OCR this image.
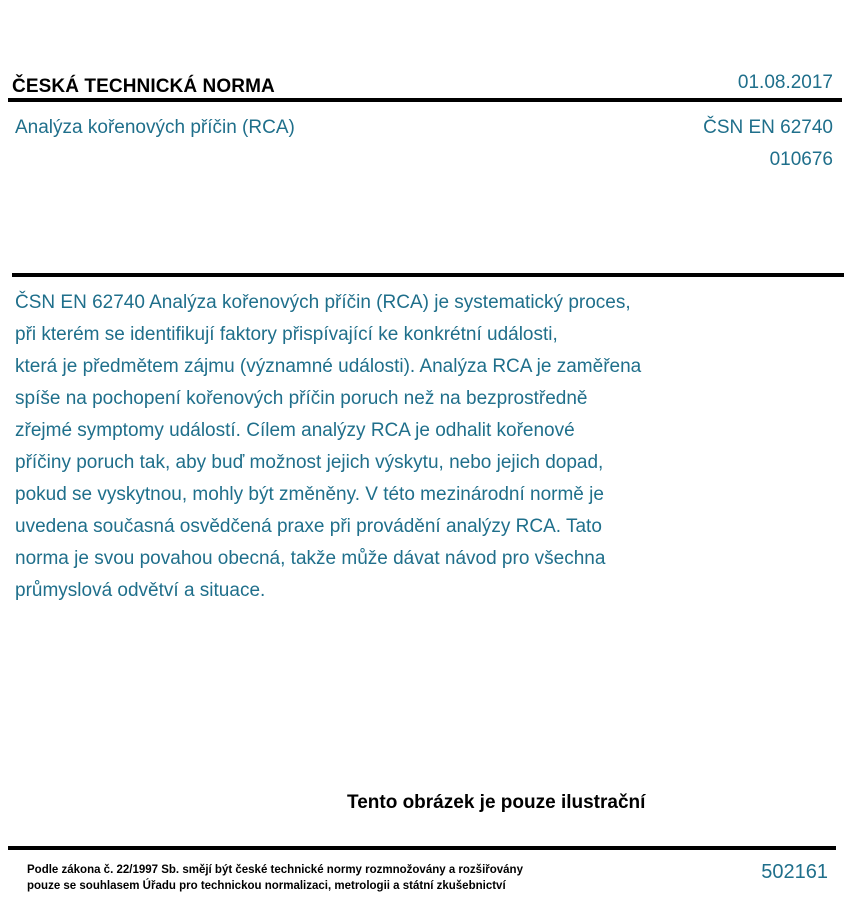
ČESKÁ TECHNICKÁ NORMA	01.08.2017
Analýza kořenových příčin (RCA)	ČSN EN 62740
010676
ČSN EN 62740 Analýza kořenových příčin (RCA) je systematický proces,
při kterém se identifikují faktory přispívající ke konkrétní události,
která je předmětem zájmu (významné události). Analýza RCA je zaměřena
spíše na pochopení kořenových příčin poruch než na bezprostředně
zřejmé symptomy událostí. Cílem analýzy RCA je odhalit kořenové
příčiny poruch tak, aby buď možnost jejich výskytu, nebo jejich dopad,
pokud se vyskytnou, mohly být změněny. V této mezinárodní normě je
uvedena současná osvědčená praxe při provádění analýzy RCA. Tato
norma je svou povahou obecná, takže může dávat návod pro všechna
průmyslová odvětví a situace.
Tento obrázek je pouze ilustrační
Podle zákona č. 22/1997 Sb. smějí být české technické normy rozmnožovány a rozšiřovány
pouze se souhlasem Úřadu pro technickou normalizaci, metrologii a státní zkušebnictví
502161
